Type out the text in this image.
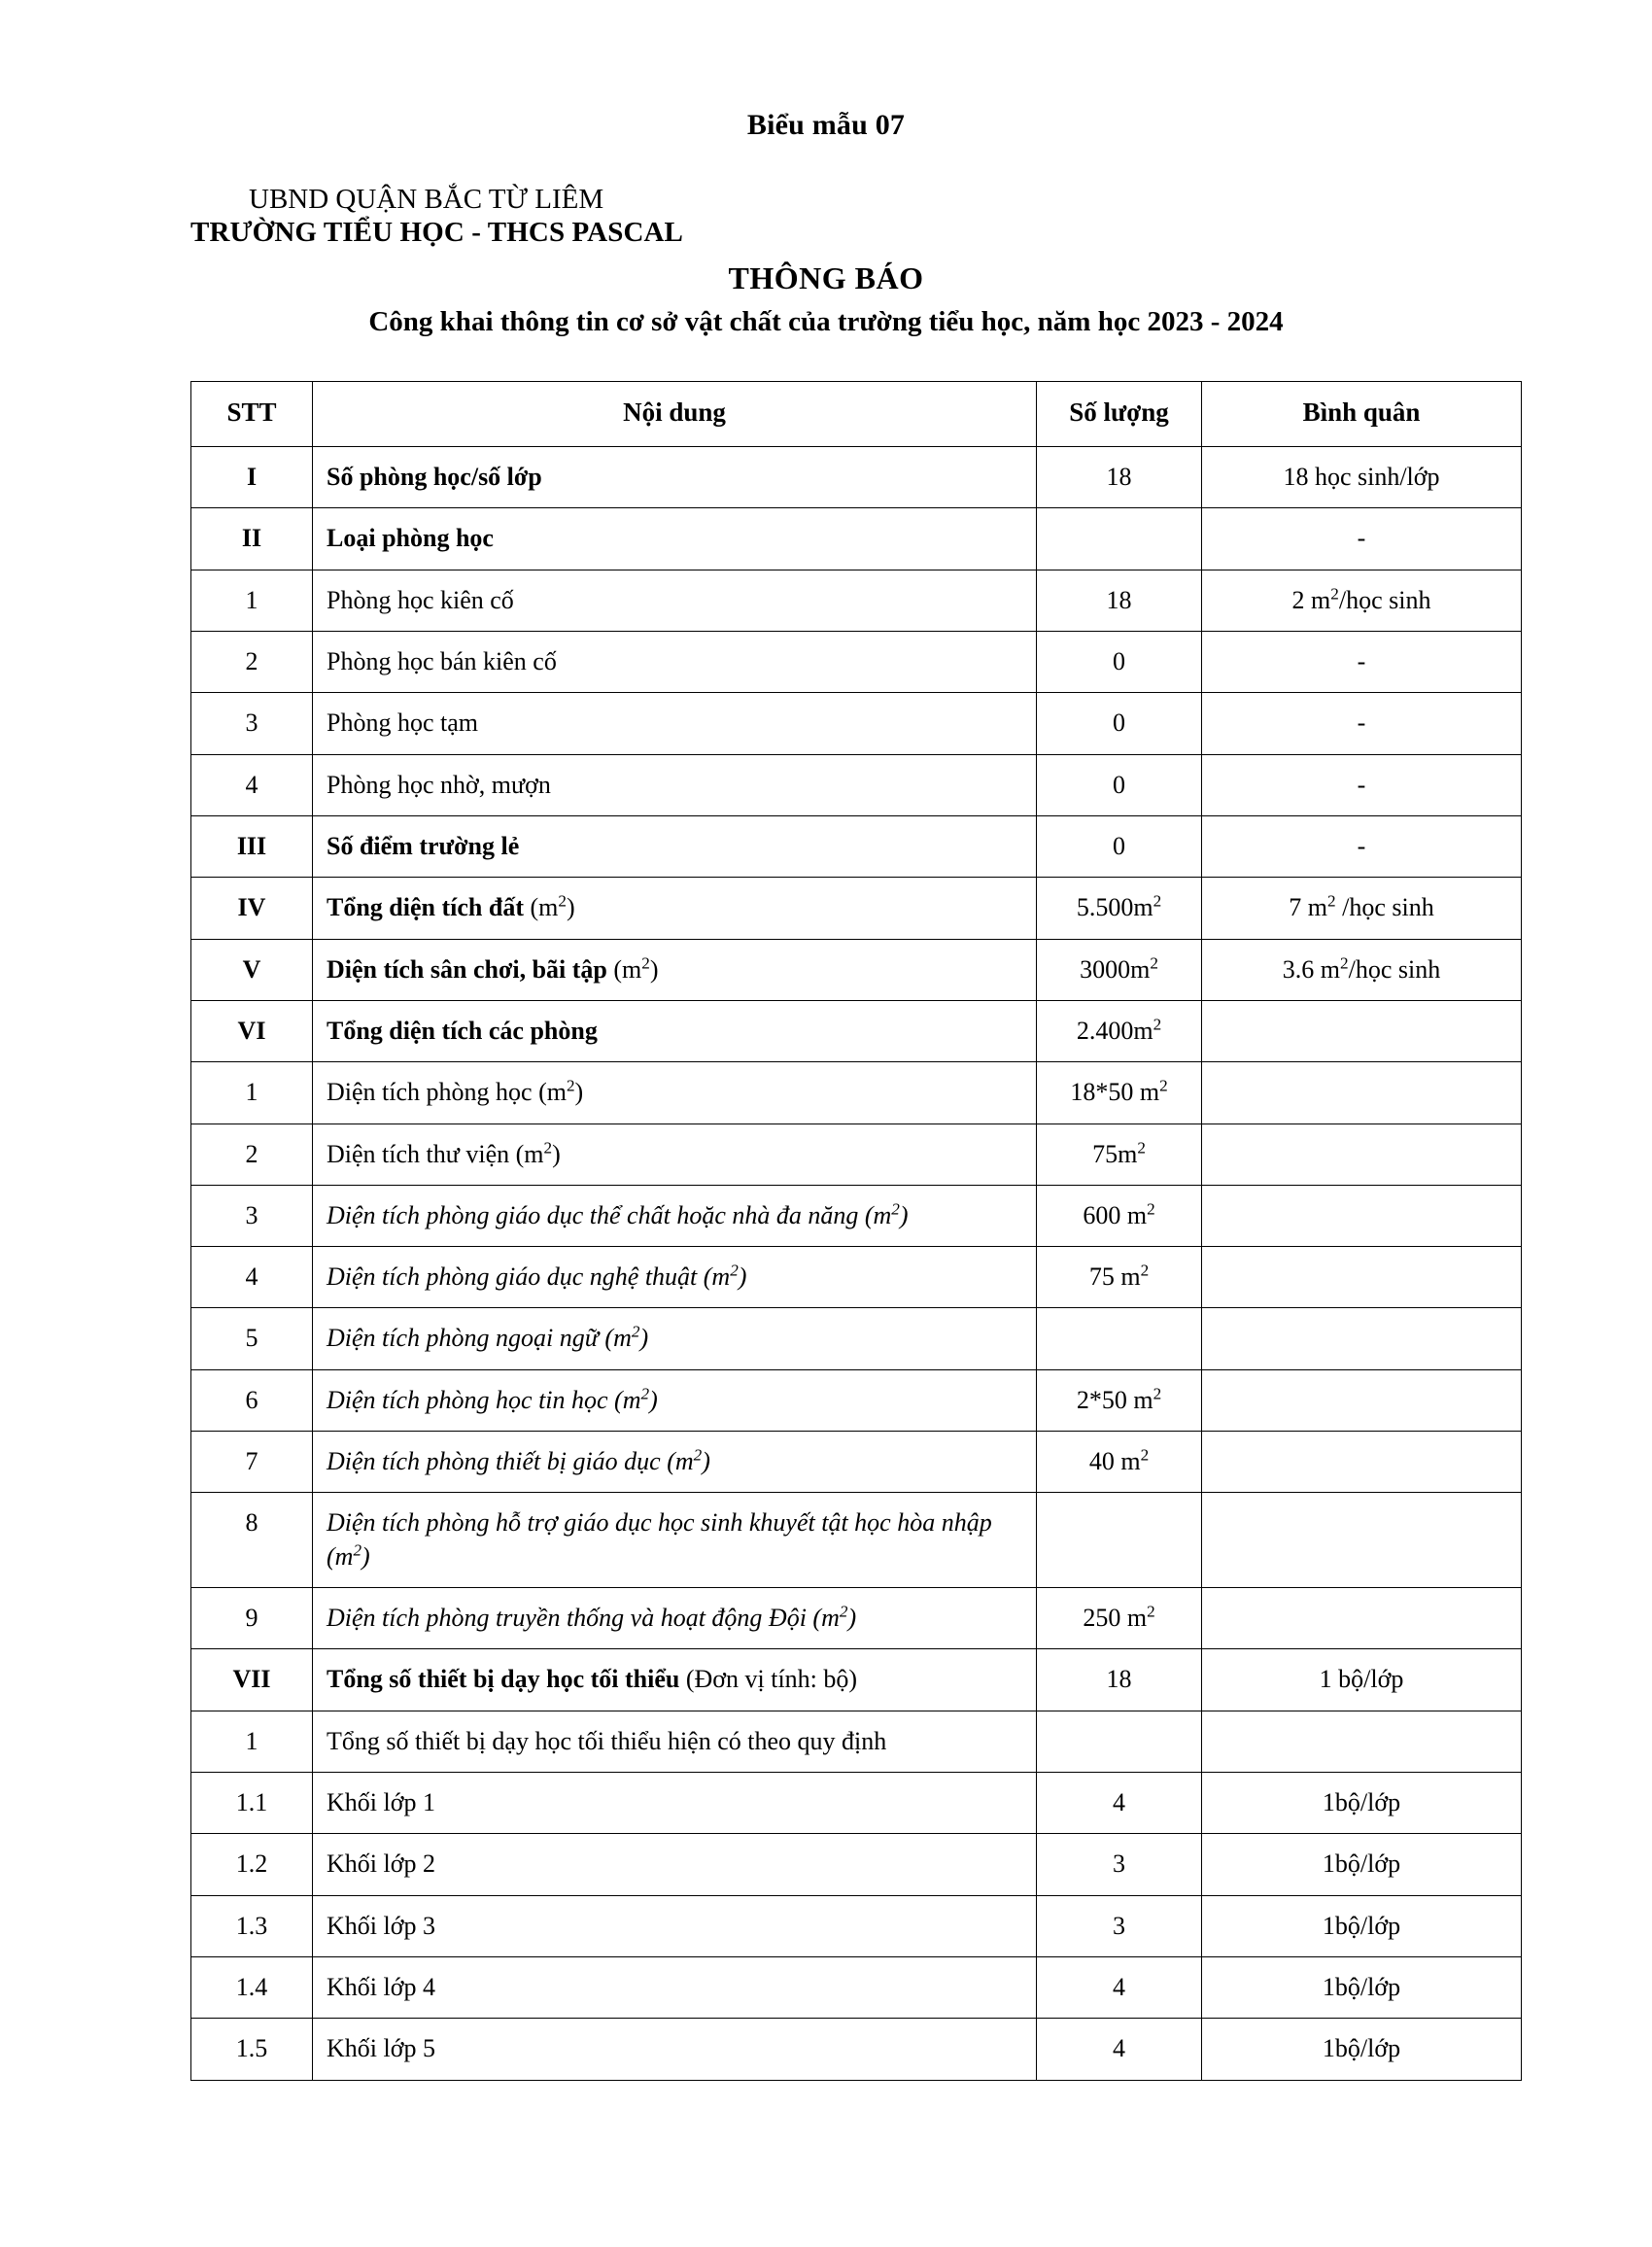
Biểu mẫu 07
UBND QUẬN BẮC TỪ LIÊM
TRƯỜNG TIỂU HỌC - THCS PASCAL
THÔNG BÁO
Công khai thông tin cơ sở vật chất của trường tiểu học, năm học 2023 - 2024
STT	Nội dung	Số lượng	Bình quân

I	Số phòng học/số lớp	18	18 học sinh/lớp

II	Loại phòng học		-

1	Phòng học kiên cố	18	2 $m^2$/học sinh

2	Phòng học bán kiên cố	0	-

3	Phòng học tạm	0	-

4	Phòng học nhờ, mượn	0	-

III	Số điểm trường lẻ	0	-

IV	Tổng diện tích đất $(m^2)$	$5.500m^2$	7 $m^2$ /học sinh

V	Diện tích sân chơi, bãi tập $(m^2)$	$3000m^2$	3.6 $m^2$/học sinh

VI	Tổng diện tích các phòng	$2.400m^2$

1	Diện tích phòng học $(m^2)$	18*50 $m^2$

2	Diện tích thư viện $(m^2)$	$75m^2$

3	Diện tích phòng giáo dục thể chất hoặc nhà đa năng $(m^2)$	600 $m^2$

4	Diện tích phòng giáo dục nghệ thuật $(m^2)$	75 $m^2$

5	Diện tích phòng ngoại ngữ $(m^2)$		

6	Diện tích phòng học tin học $(m^2)$	2*50 $m^2$

7	Diện tích phòng thiết bị giáo dục $(m^2)$	40 $m^2$

8	Diện tích phòng hỗ trợ giáo dục học sinh khuyết tật học hòa nhập $(m^2)$		

9	Diện tích phòng truyền thống và hoạt động Đội $(m^2)$	250 $m^2$

VII	Tổng số thiết bị dạy học tối thiểu (Đơn vị tính: bộ)	18	1 bộ/lớp

1	Tổng số thiết bị dạy học tối thiểu hiện có theo quy định		

1.1	Khối lớp 1	4	1bộ/lớp

1.2	Khối lớp 2	3	1bộ/lớp

1.3	Khối lớp 3	3	1bộ/lớp

1.4	Khối lớp 4	4	1bộ/lớp

1.5	Khối lớp 5	4	1bộ/lớp
